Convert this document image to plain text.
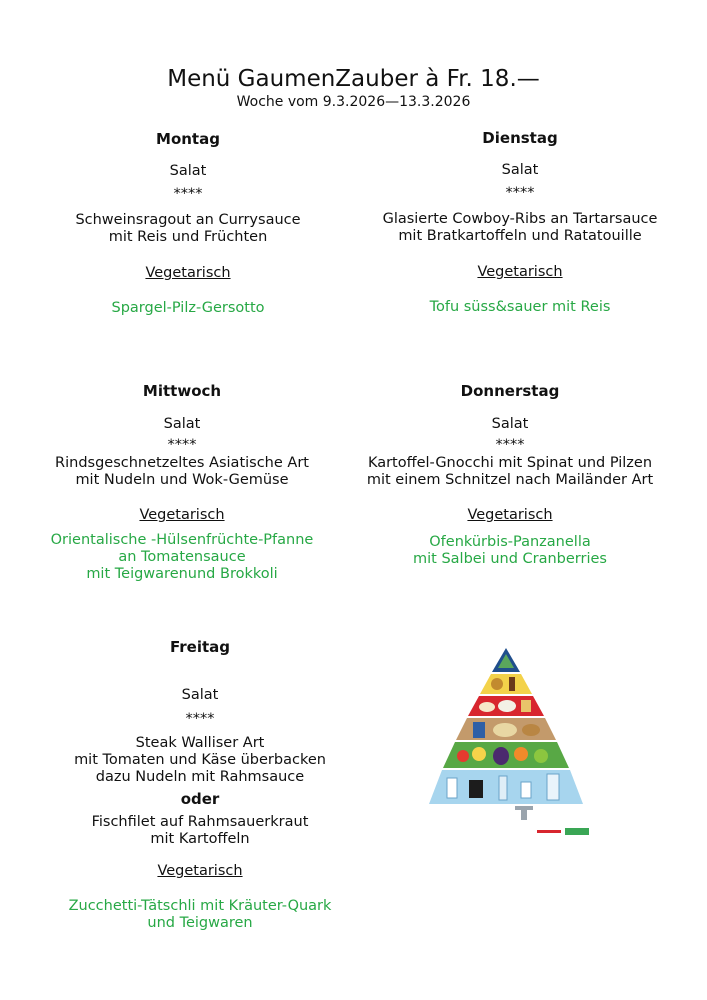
Menü GaumenZauber à Fr. 18.—
Woche vom 9.3.2026—13.3.2026
Montag
Salat
****
Schweinsragout an Currysauce
mit Reis und Früchten
Vegetarisch
Spargel-Pilz-Gersotto
Dienstag
Salat
****
Glasierte Cowboy-Ribs an Tartarsauce
mit Bratkartoffeln und Ratatouille
Vegetarisch
Tofu süss&sauer mit Reis
Mittwoch
Salat
****
Rindsgeschnetzeltes Asiatische Art
mit Nudeln und Wok-Gemüse
Vegetarisch
Orientalische -Hülsenfrüchte-Pfanne
an Tomatensauce
mit Teigwarenund Brokkoli
Donnerstag
Salat
****
Kartoffel-Gnocchi mit Spinat und Pilzen
mit einem Schnitzel nach Mailänder Art
Vegetarisch
Ofenkürbis-Panzanella
mit Salbei und Cranberries
Freitag
Salat
****
Steak Walliser Art
mit Tomaten und Käse überbacken
dazu Nudeln mit Rahmsauce
oder
Fischfilet auf Rahmsauerkraut
mit Kartoffeln
Vegetarisch
Zucchetti-Tätschli mit Kräuter-Quark
und Teigwaren
